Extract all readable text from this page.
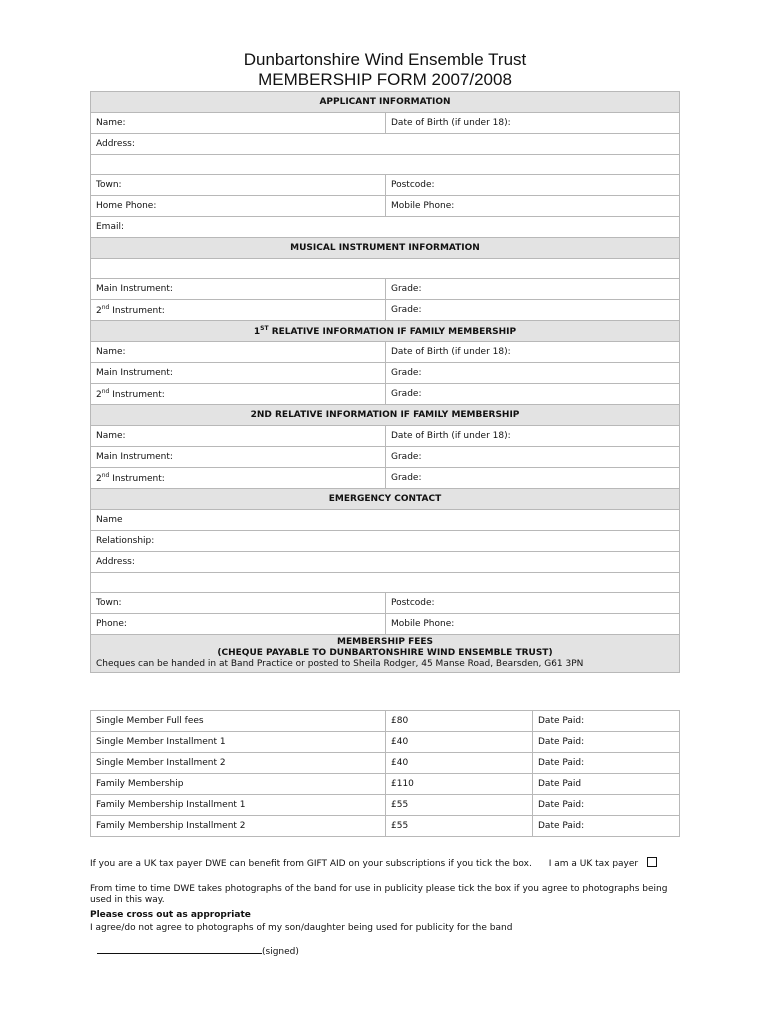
Dunbartonshire Wind Ensemble Trust
MEMBERSHIP FORM 2007/2008
APPLICANT INFORMATION	
Name:	Date of Birth (if under 18):
Address:	

Town:	Postcode:
Home Phone:	Mobile Phone:
Email:	
MUSICAL INSTRUMENT INFORMATION	

Main Instrument:	Grade:
2nd Instrument:	Grade:
1ST RELATIVE INFORMATION IF FAMILY MEMBERSHIP	
Name:	Date of Birth (if under 18):
Main Instrument:	Grade:
2nd Instrument:	Grade:
2ND RELATIVE INFORMATION IF FAMILY MEMBERSHIP	
Name:	Date of Birth (if under 18):
Main Instrument:	Grade:
2nd Instrument:	Grade:
EMERGENCY CONTACT	
Name	
Relationship:	
Address:	

Town:	Postcode:
Phone:	Mobile Phone:

MEMBERSHIP FEES
(CHEQUE PAYABLE TO DUNBARTONSHIRE WIND ENSEMBLE TRUST)
Cheques can be handed in at Band Practice or posted to Sheila Rodger, 45 Manse Road, Bearsden, G61 3PN	
Single Member Full fees	£80	Date Paid:
Single Member Installment 1	£40	Date Paid:
Single Member Installment 2	£40	Date Paid:
Family Membership	£110	Date Paid
Family Membership Installment 1	£55	Date Paid:
Family Membership Installment 2	£55	Date Paid:
If you are a UK tax payer DWE can benefit from GIFT AID on your subscriptions if you tick the box. I am a UK tax payer
From time to time DWE takes photographs of the band for use in publicity please tick the box if you agree to photographs being used in this way.
Please cross out as appropriate
I agree/do not agree to photographs of my son/daughter being used for publicity for the band
(signed)
